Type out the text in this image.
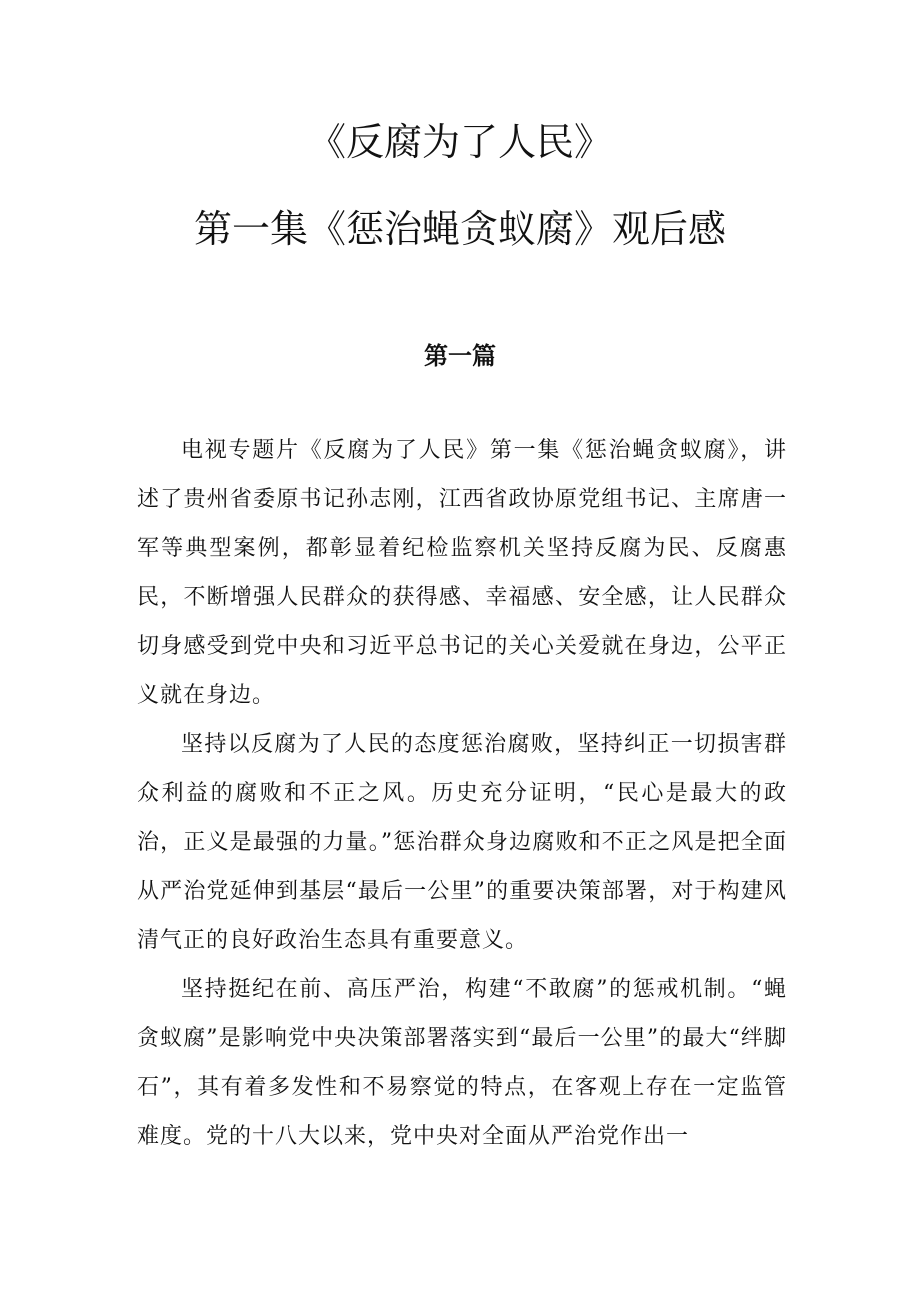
《反腐为了人民》
第一集《惩治蝇贪蚁腐》观后感
第一篇

电视专题片《反腐为了人民》第一集《惩治蝇贪蚁腐》，讲述了贵州省委原书记孙志刚，江西省政协原党组书记、主席唐一军等典型案例，都彰显着纪检监察机关坚持反腐为民、反腐惠民，不断增强人民群众的获得感、幸福感、安全感，让人民群众切身感受到党中央和习近平总书记的关心关爱就在身边，公平正义就在身边。

坚持以反腐为了人民的态度惩治腐败，坚持纠正一切损害群众利益的腐败和不正之风。历史充分证明，“民心是最大的政治，正义是最强的力量。”惩治群众身边腐败和不正之风是把全面从严治党延伸到基层“最后一公里”的重要决策部署，对于构建风清气正的良好政治生态具有重要意义。

坚持挺纪在前、高压严治，构建“不敢腐”的惩戒机制。“蝇贪蚁腐”是影响党中央决策部署落实到“最后一公里”的最大“绊脚石”，其有着多发性和不易察觉的特点，在客观上存在一定监管难度。党的十八大以来，党中央对全面从严治党作出一
